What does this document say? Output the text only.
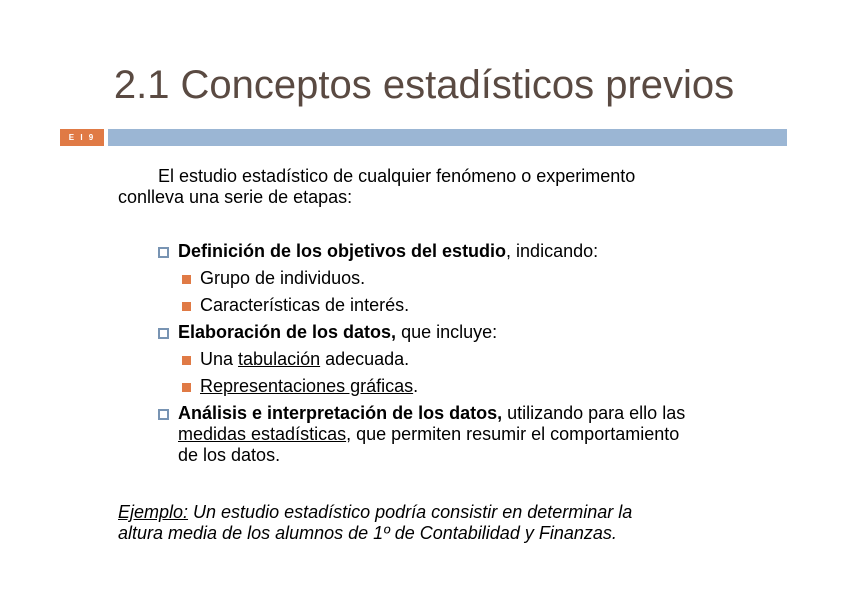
2.1 Conceptos estadísticos previos
E I 9
El estudio estadístico de cualquier fenómeno o experimento
conlleva una serie de etapas:
Definición de los objetivos del estudio, indicando:
Grupo de individuos.
Características de interés.
Elaboración de los datos, que incluye:
Una tabulación adecuada.
Representaciones gráficas.
Análisis e interpretación de los datos, utilizando para ello las
medidas estadísticas, que permiten resumir el comportamiento
de los datos.
Ejemplo: Un estudio estadístico podría consistir en determinar la
altura media de los alumnos de 1º de Contabilidad y Finanzas.
